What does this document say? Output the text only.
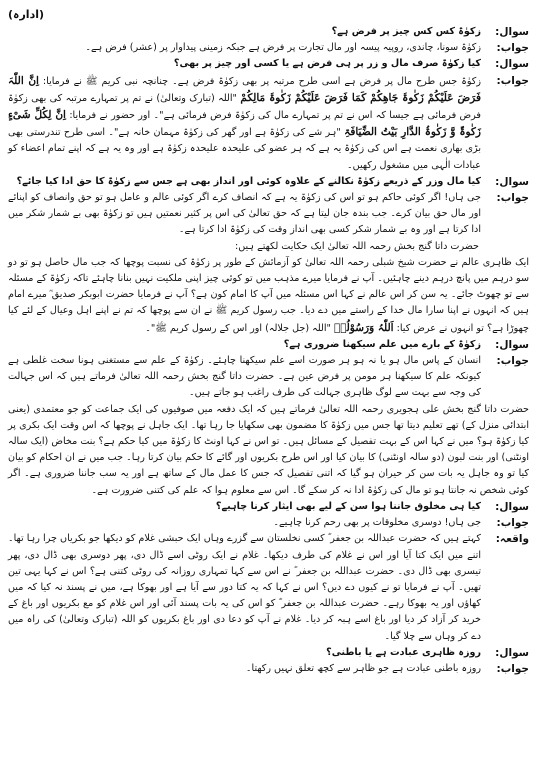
(ادارہ)
سوال:
زکوٰۃ کس کس چیز پر فرض ہے؟
جواب:
زکوٰۃ سونا، چاندی، روپیہ پیسہ اور مال تجارت پر فرض ہے جبکہ زمینی پیداوار پر (عشر) فرض ہے۔
سوال:
کیا زکوٰۃ صرف مال و زر پر ہی فرض ہے یا کسی اور چیز پر بھی؟
جواب:
زکوٰۃ جس طرح مال پر فرض ہے اسی طرح مرتبہ پر بھی زکوٰۃ فرض ہے۔ چنانچہ نبی کریم ﷺ نے فرمایا: اِنَّ اللّٰہَ فَرَضَ عَلَیْکُمْ زَکٰوۃَ جَاھِکُمْ کَمَا فَرَضَ عَلَیْکُمْ زَکٰوۃَ مَالِکُمْ "اللہ (تبارک وتعالیٰ) نے تم پر تمہارے مرتبہ کی بھی زکوٰۃ فرض فرمائی ہے جیسا کہ اس نے تم پر تمہارے مال کی زکوٰۃ فرض فرمائی ہے"۔ اور حضور نے فرمایا: اِنَّ لِکُلِّ شَیْءٍ زَکٰوۃٌ وَّ زَکٰوۃُ الدَّارِ بَیْتُ الضِّیَافَۃِ "ہر شے کی زکوٰۃ ہے اور گھر کی زکوٰۃ مہمان خانہ ہے"۔ اسی طرح تندرستی بھی بڑی بھاری نعمت ہے اس کی زکوٰۃ یہ ہے کہ ہر عضو کی علیحدہ علیحدہ زکوٰۃ ہے اور وہ یہ ہے کہ اپنے تمام اعضاء کو عبادات الٰہی میں مشغول رکھیں۔
سوال:
کیا مال وزر کے ذریعے زکوٰۃ نکالنے کے علاوہ کوئی اور انداز بھی ہے جس سے زکوٰۃ کا حق ادا کیا جائے؟
جواب:
جی ہاں! اگر کوئی حاکم ہو تو اس کی زکوٰۃ یہ ہے کہ انصاف کرے اگر کوئی عالم و عامل ہو تو حق وانصاف کو اپنائے اور مال حق بیان کرے۔ جب بندہ جان لیتا ہے کہ حق تعالیٰ کی اس پر کثیر نعمتیں ہیں تو زکوٰۃ بھی بے شمار شکر میں ادا کرتا ہے اور وہ بے شمار شکر کسی بھی انداز وقت کی زکوٰۃ ادا کرتا ہے۔
حضرت داتا گنج بخش رحمہ اللہ تعالیٰ ایک حکایت لکھتے ہیں:
ایک ظاہری عالم نے حضرت شیخ شبلی رحمہ اللہ تعالیٰ کو آزمائش کے طور پر زکوٰۃ کی نسبت پوچھا کہ جب مال حاصل ہو تو دو سو درہم میں پانچ درہم دینے چاہئیں۔ آپ نے فرمایا میرے مذہب میں تو کوئی چیز اپنی ملکیت نہیں بنانا چاہئے تاکہ زکوٰۃ کے مسئلہ سے تو چھوٹ جائے۔ یہ سن کر اس عالم نے کہا اس مسئلہ میں آپ کا امام کون ہے؟ آپ نے فرمایا حضرت ابوبکر صدیق ؓ میرے امام ہیں کہ انہوں نے اپنا سارا مال خدا کے راستے میں دے دیا۔ جب رسول کریم ﷺ نے ان سے پوچھا کہ تم نے اپنے اہل وعیال کے لئے کیا چھوڑا ہے؟ تو انہوں نے عرض کیا: اَللّٰہُ وَرَسُوْلُہٗ "اللہ (جل جلالہ) اور اس کے رسول کریم ﷺ"۔
سوال:
زکوٰۃ کے بارے میں علم سیکھنا ضروری ہے؟
جواب:
انسان کے پاس مال ہو یا نہ ہو ہر صورت اسے علم سیکھنا چاہئے۔ زکوٰۃ کے علم سے مستغنی ہونا سخت غلطی ہے کیونکہ علم کا سیکھنا ہر مومن پر فرض عین ہے۔ حضرت داتا گنج بخش رحمہ اللہ تعالیٰ فرماتے ہیں کہ اس جہالت کی وجہ سے بہت سے لوگ ظاہری جہالت کی طرف راغب ہو جاتے ہیں۔
حضرت داتا گنج بخش علی ہجویری رحمہ اللہ تعالیٰ فرماتے ہیں کہ ایک دفعہ میں صوفیوں کی ایک جماعت کو جو معتمدی (یعنی ابتدائی منزل کے) تھے تعلیم دیتا تھا جس میں زکوٰۃ کا مضمون بھی سکھایا جا رہا تھا۔ ایک جاہل نے پوچھا کہ اس وقت ایک بکری پر کیا زکوٰۃ ہو؟ میں نے کہا اس کے بہت تفصیل کے مسائل ہیں۔ تو اس نے کہا اونٹ کا زکوٰۃ میں کیا حکم ہے؟ بنت مخاض (ایک سالہ اونٹنی) اور بنت لبون (دو سالہ اونٹنی) کا بیان کیا اور اس طرح بکریوں اور گائے کا حکم بیان کرتا رہا۔ جب میں نے ان احکام کو بیان کیا تو وہ جاہل یہ بات سن کر حیران ہو گیا کہ اتنی تفصیل کہ جس کا عمل مال کے ساتھ ہے اور یہ سب جاننا ضروری ہے۔ اگر کوئی شخص نہ جانتا ہو تو مال کی زکوٰۃ ادا نہ کر سکے گا۔ اس سے معلوم ہوا کہ علم کی کتنی ضرورت ہے۔
سوال:
کیا ہی مخلوق جاننا ہوا سن کے لیے بھی ایثار کرنا چاہیے؟
جواب:
جی ہاں! دوسری مخلوقات پر بھی رحم کرنا چاہیے۔
واقعہ:
کہتے ہیں کہ حضرت عبداللہ بن جعفر ؓ کسی نخلستان سے گزرے وہاں ایک حبشی غلام کو دیکھا جو بکریاں چرا رہا تھا۔ اتنے میں ایک کتا آیا اور اس نے غلام کی طرف دیکھا۔ غلام نے ایک روٹی اسے ڈال دی، پھر دوسری بھی ڈال دی، پھر تیسری بھی ڈال دی۔ حضرت عبداللہ بن جعفر ؓ نے اس سے کہا تمہاری روزانہ کی روٹی کتنی ہے؟ اس نے کہا یہی تین تھیں۔ آپ نے فرمایا تو نے کیوں دے دیں؟ اس نے کہا کہ یہ کتا دور سے آیا ہے اور بھوکا ہے، میں نے پسند نہ کیا کہ میں کھاؤں اور یہ بھوکا رہے۔ حضرت عبداللہ بن جعفر ؓ کو اس کی یہ بات پسند آئی اور اس غلام کو مع بکریوں اور باغ کے خرید کر آزاد کر دیا اور باغ اسے ہبہ کر دیا۔ غلام نے آپ کو دعا دی اور باغ بکریوں کو اللہ (تبارک وتعالیٰ) کی راہ میں دے کر وہاں سے چلا گیا۔
سوال:
روزہ ظاہری عبادت ہے یا باطنی؟
جواب:
روزہ باطنی عبادت ہے جو ظاہر سے کچھ تعلق نہیں رکھتا۔
